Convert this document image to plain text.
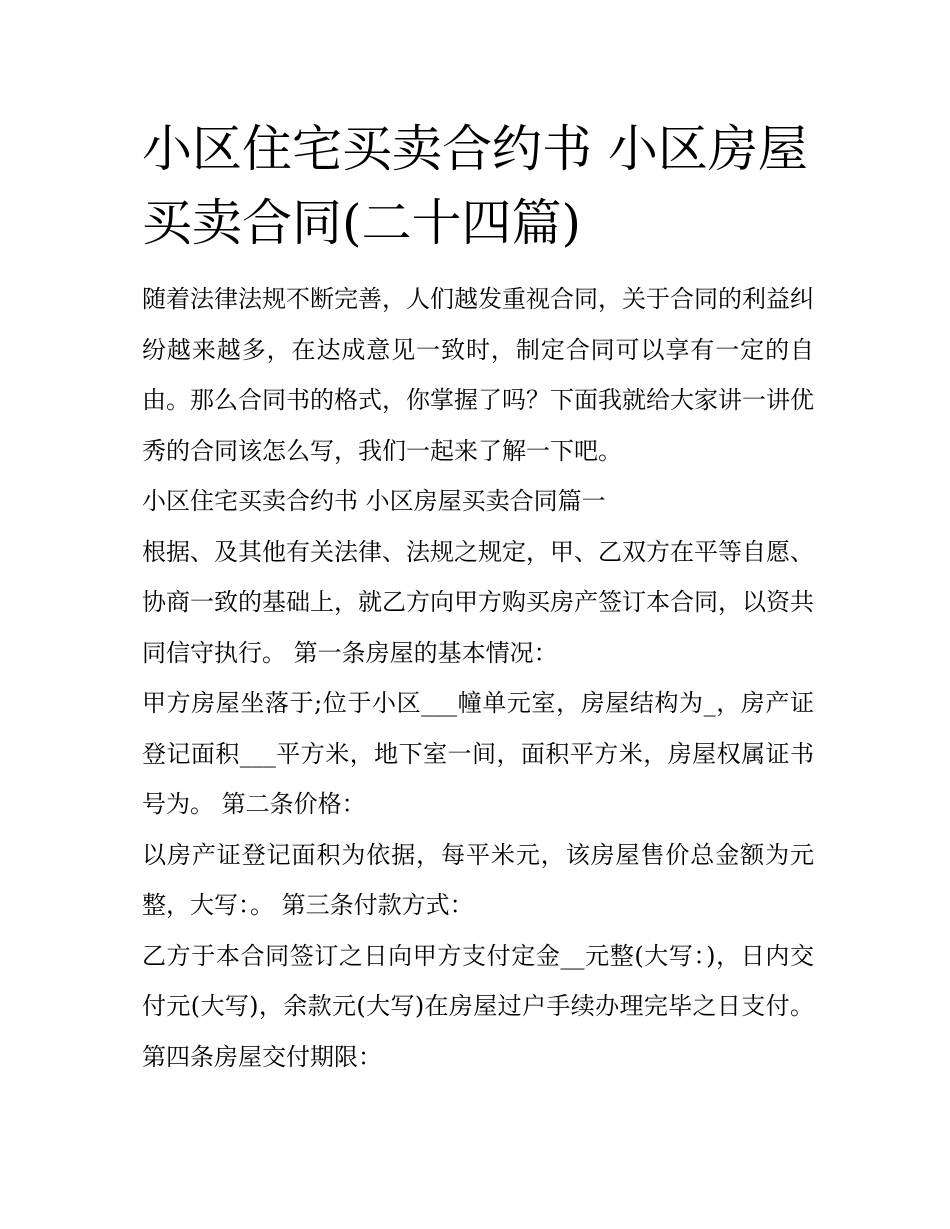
小区住宅买卖合约书 小区房屋买卖合同(二十四篇)

随着法律法规不断完善，人们越发重视合同，关于合同的利益纠纷越来越多，在达成意见一致时，制定合同可以享有一定的自由。那么合同书的格式，你掌握了吗？下面我就给大家讲一讲优秀的合同该怎么写，我们一起来了解一下吧。

小区住宅买卖合约书 小区房屋买卖合同篇一

根据、及其他有关法律、法规之规定，甲、乙双方在平等自愿、协商一致的基础上，就乙方向甲方购买房产签订本合同，以资共同信守执行。 第一条房屋的基本情况：

甲方房屋坐落于;位于小区___幢单元室，房屋结构为_，房产证登记面积___平方米，地下室一间，面积平方米，房屋权属证书号为。 第二条价格：

以房产证登记面积为依据，每平米元，该房屋售价总金额为元整，大写：。 第三条付款方式：

乙方于本合同签订之日向甲方支付定金__元整(大写：)，日内交付元(大写)，余款元(大写)在房屋过户手续办理完毕之日支付。 第四条房屋交付期限：
